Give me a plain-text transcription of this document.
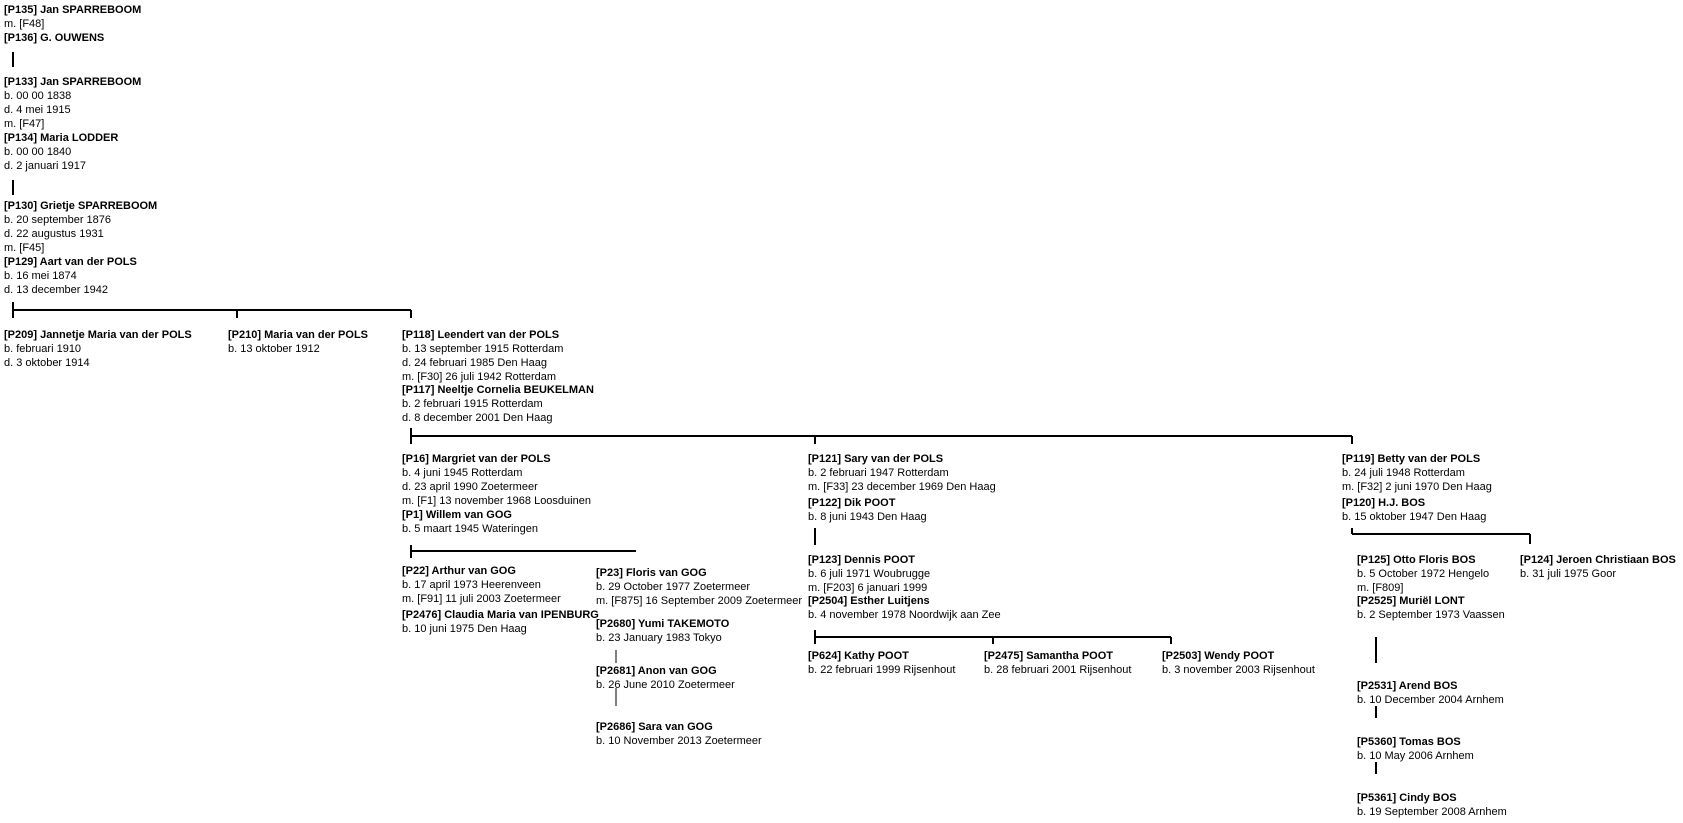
[P135] Jan SPARREBOOM
m. [F48]
[P136] G. OUWENS
[P133] Jan SPARREBOOM
b. 00 00 1838
d. 4 mei 1915
m. [F47]
[P134] Maria LODDER
b. 00 00 1840
d. 2 januari 1917
[P130] Grietje SPARREBOOM
b. 20 september 1876
d. 22 augustus 1931
m. [F45]
[P129] Aart van der POLS
b. 16 mei 1874
d. 13 december 1942
[P209] Jannetje Maria van der POLS
b. februari 1910
d. 3 oktober 1914
[P210] Maria van der POLS
b. 13 oktober 1912
[P118] Leendert van der POLS
b. 13 september 1915 Rotterdam
d. 24 februari 1985 Den Haag
m. [F30] 26 juli 1942 Rotterdam
[P117] Neeltje Cornelia BEUKELMAN
b. 2 februari 1915 Rotterdam
d. 8 december 2001 Den Haag
[P16] Margriet van der POLS
b. 4 juni 1945 Rotterdam
d. 23 april 1990 Zoetermeer
m. [F1] 13 november 1968 Loosduinen
[P1] Willem van GOG
b. 5 maart 1945 Wateringen
[P121] Sary van der POLS
b. 2 februari 1947 Rotterdam
m. [F33] 23 december 1969 Den Haag
[P122] Dik POOT
b. 8 juni 1943 Den Haag
[P119] Betty van der POLS
b. 24 juli 1948 Rotterdam
m. [F32] 2 juni 1970 Den Haag
[P120] H.J. BOS
b. 15 oktober 1947 Den Haag
[P22] Arthur van GOG
b. 17 april 1973 Heerenveen
m. [F91] 11 juli 2003 Zoetermeer
[P2476] Claudia Maria van IPENBURG
b. 10 juni 1975 Den Haag
[P23] Floris van GOG
b. 29 October 1977 Zoetermeer
m. [F875] 16 September 2009 Zoetermeer
[P2680] Yumi TAKEMOTO
b. 23 January 1983 Tokyo
[P2681] Anon van GOG
b. 26 June 2010 Zoetermeer
[P2686] Sara van GOG
b. 10 November 2013 Zoetermeer
[P123] Dennis POOT
b. 6 juli 1971 Woubrugge
m. [F203] 6 januari 1999
[P2504] Esther Luitjens
b. 4 november 1978 Noordwijk aan Zee
[P624] Kathy POOT
b. 22 februari 1999 Rijsenhout
[P2475] Samantha POOT
b. 28 februari 2001 Rijsenhout
[P2503] Wendy POOT
b. 3 november 2003 Rijsenhout
[P125] Otto Floris BOS
b. 5 October 1972 Hengelo
m. [F809]
[P2525] Muriël LONT
b. 2 September 1973 Vaassen
[P124] Jeroen Christiaan BOS
b. 31 juli 1975 Goor
[P2531] Arend BOS
b. 10 December 2004 Arnhem
[P5360] Tomas BOS
b. 10 May 2006 Arnhem
[P5361] Cindy BOS
b. 19 September 2008 Arnhem
